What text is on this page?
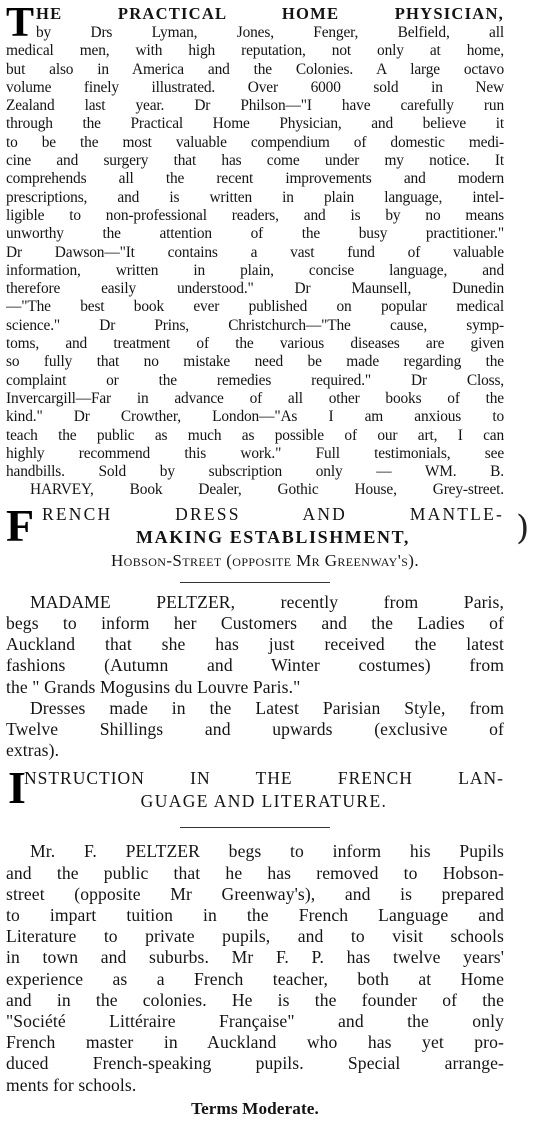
T HE PRACTICAL HOME PHYSICIAN,
by Drs Lyman, Jones, Fenger, Belfield, all
medical men, with high reputation, not only at home,
but also in America and the Colonies. A large octavo
volume finely illustrated. Over 6000 sold in New
Zealand last year. Dr Philson—"I have carefully run
through the Practical Home Physician, and believe it
to be the most valuable compendium of domestic medi-
cine and surgery that has come under my notice. It
comprehends all the recent improvements and modern
prescriptions, and is written in plain language, intel-
ligible to non-professional readers, and is by no means
unworthy the attention of the busy practitioner."
Dr Dawson—"It contains a vast fund of valuable
information, written in plain, concise language, and
therefore easily understood." Dr Maunsell, Dunedin
—"The best book ever published on popular medical
science." Dr Prins, Christchurch—"The cause, symp-
toms, and treatment of the various diseases are given
so fully that no mistake need be made regarding the
complaint or the remedies required." Dr Closs,
Invercargill—Far in advance of all other books of the
kind." Dr Crowther, London—"As I am anxious to
teach the public as much as possible of our art, I can
highly recommend this work." Full testimonials, see
handbills. Sold by subscription only — WM. B.
HARVEY, Book Dealer, Gothic House, Grey-street.
F RENCH DRESS AND MANTLE-
MAKING ESTABLISHMENT,
Hobson-Street (opposite Mr Greenway's).
MADAME PELTZER, recently from Paris,
begs to inform her Customers and the Ladies of
Auckland that she has just received the latest
fashions (Autumn and Winter costumes) from
the " Grands Mogusins du Louvre Paris."
Dresses made in the Latest Parisian Style, from
Twelve Shillings and upwards (exclusive of
extras).
I
NSTRUCTION IN THE FRENCH LAN-
GUAGE AND LITERATURE.
Mr. F. PELTZER begs to inform his Pupils
and the public that he has removed to Hobson-
street (opposite Mr Greenway's), and is prepared
to impart tuition in the French Language and
Literature to private pupils, and to visit schools
in town and suburbs. Mr F. P. has twelve years'
experience as a French teacher, both at Home
and in the colonies. He is the founder of the
"Société Littéraire Française" and the only
French master in Auckland who has yet pro-
duced French-speaking pupils. Special arrange-
ments for schools.
Terms Moderate.
)
